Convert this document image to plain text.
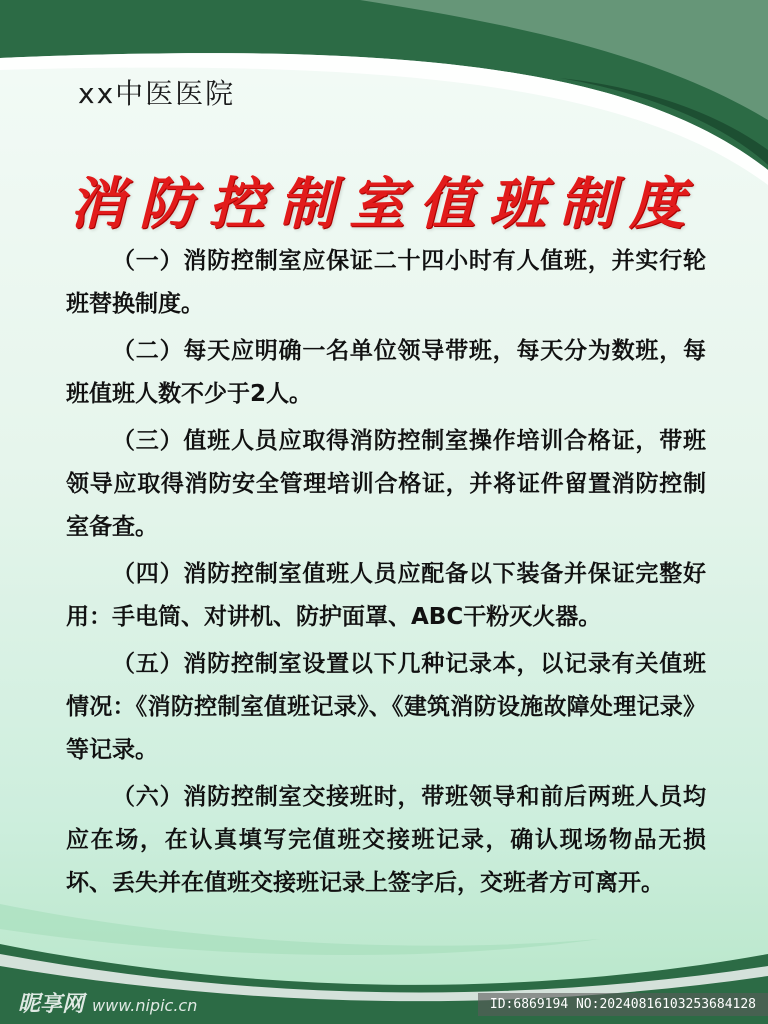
xx中医医院
消防控制室值班制度

（一）消防控制室应保证二十四小时有人值班，并实行轮班替换制度。

（二）每天应明确一名单位领导带班，每天分为数班，每班值班人数不少于2人。

（三）值班人员应取得消防控制室操作培训合格证，带班领导应取得消防安全管理培训合格证，并将证件留置消防控制室备查。

（四）消防控制室值班人员应配备以下装备并保证完整好用：手电筒、对讲机、防护面罩、ABC干粉灭火器。

（五）消防控制室设置以下几种记录本，以记录有关值班情况：《消防控制室值班记录》、《建筑消防设施故障处理记录》等记录。

（六）消防控制室交接班时，带班领导和前后两班人员均应在场，在认真填写完值班交接班记录，确认现场物品无损坏、丢失并在值班交接班记录上签字后，交班者方可离开。

昵享网 www.nipic.cn	ID:6869194 NO:20240816103253684128
